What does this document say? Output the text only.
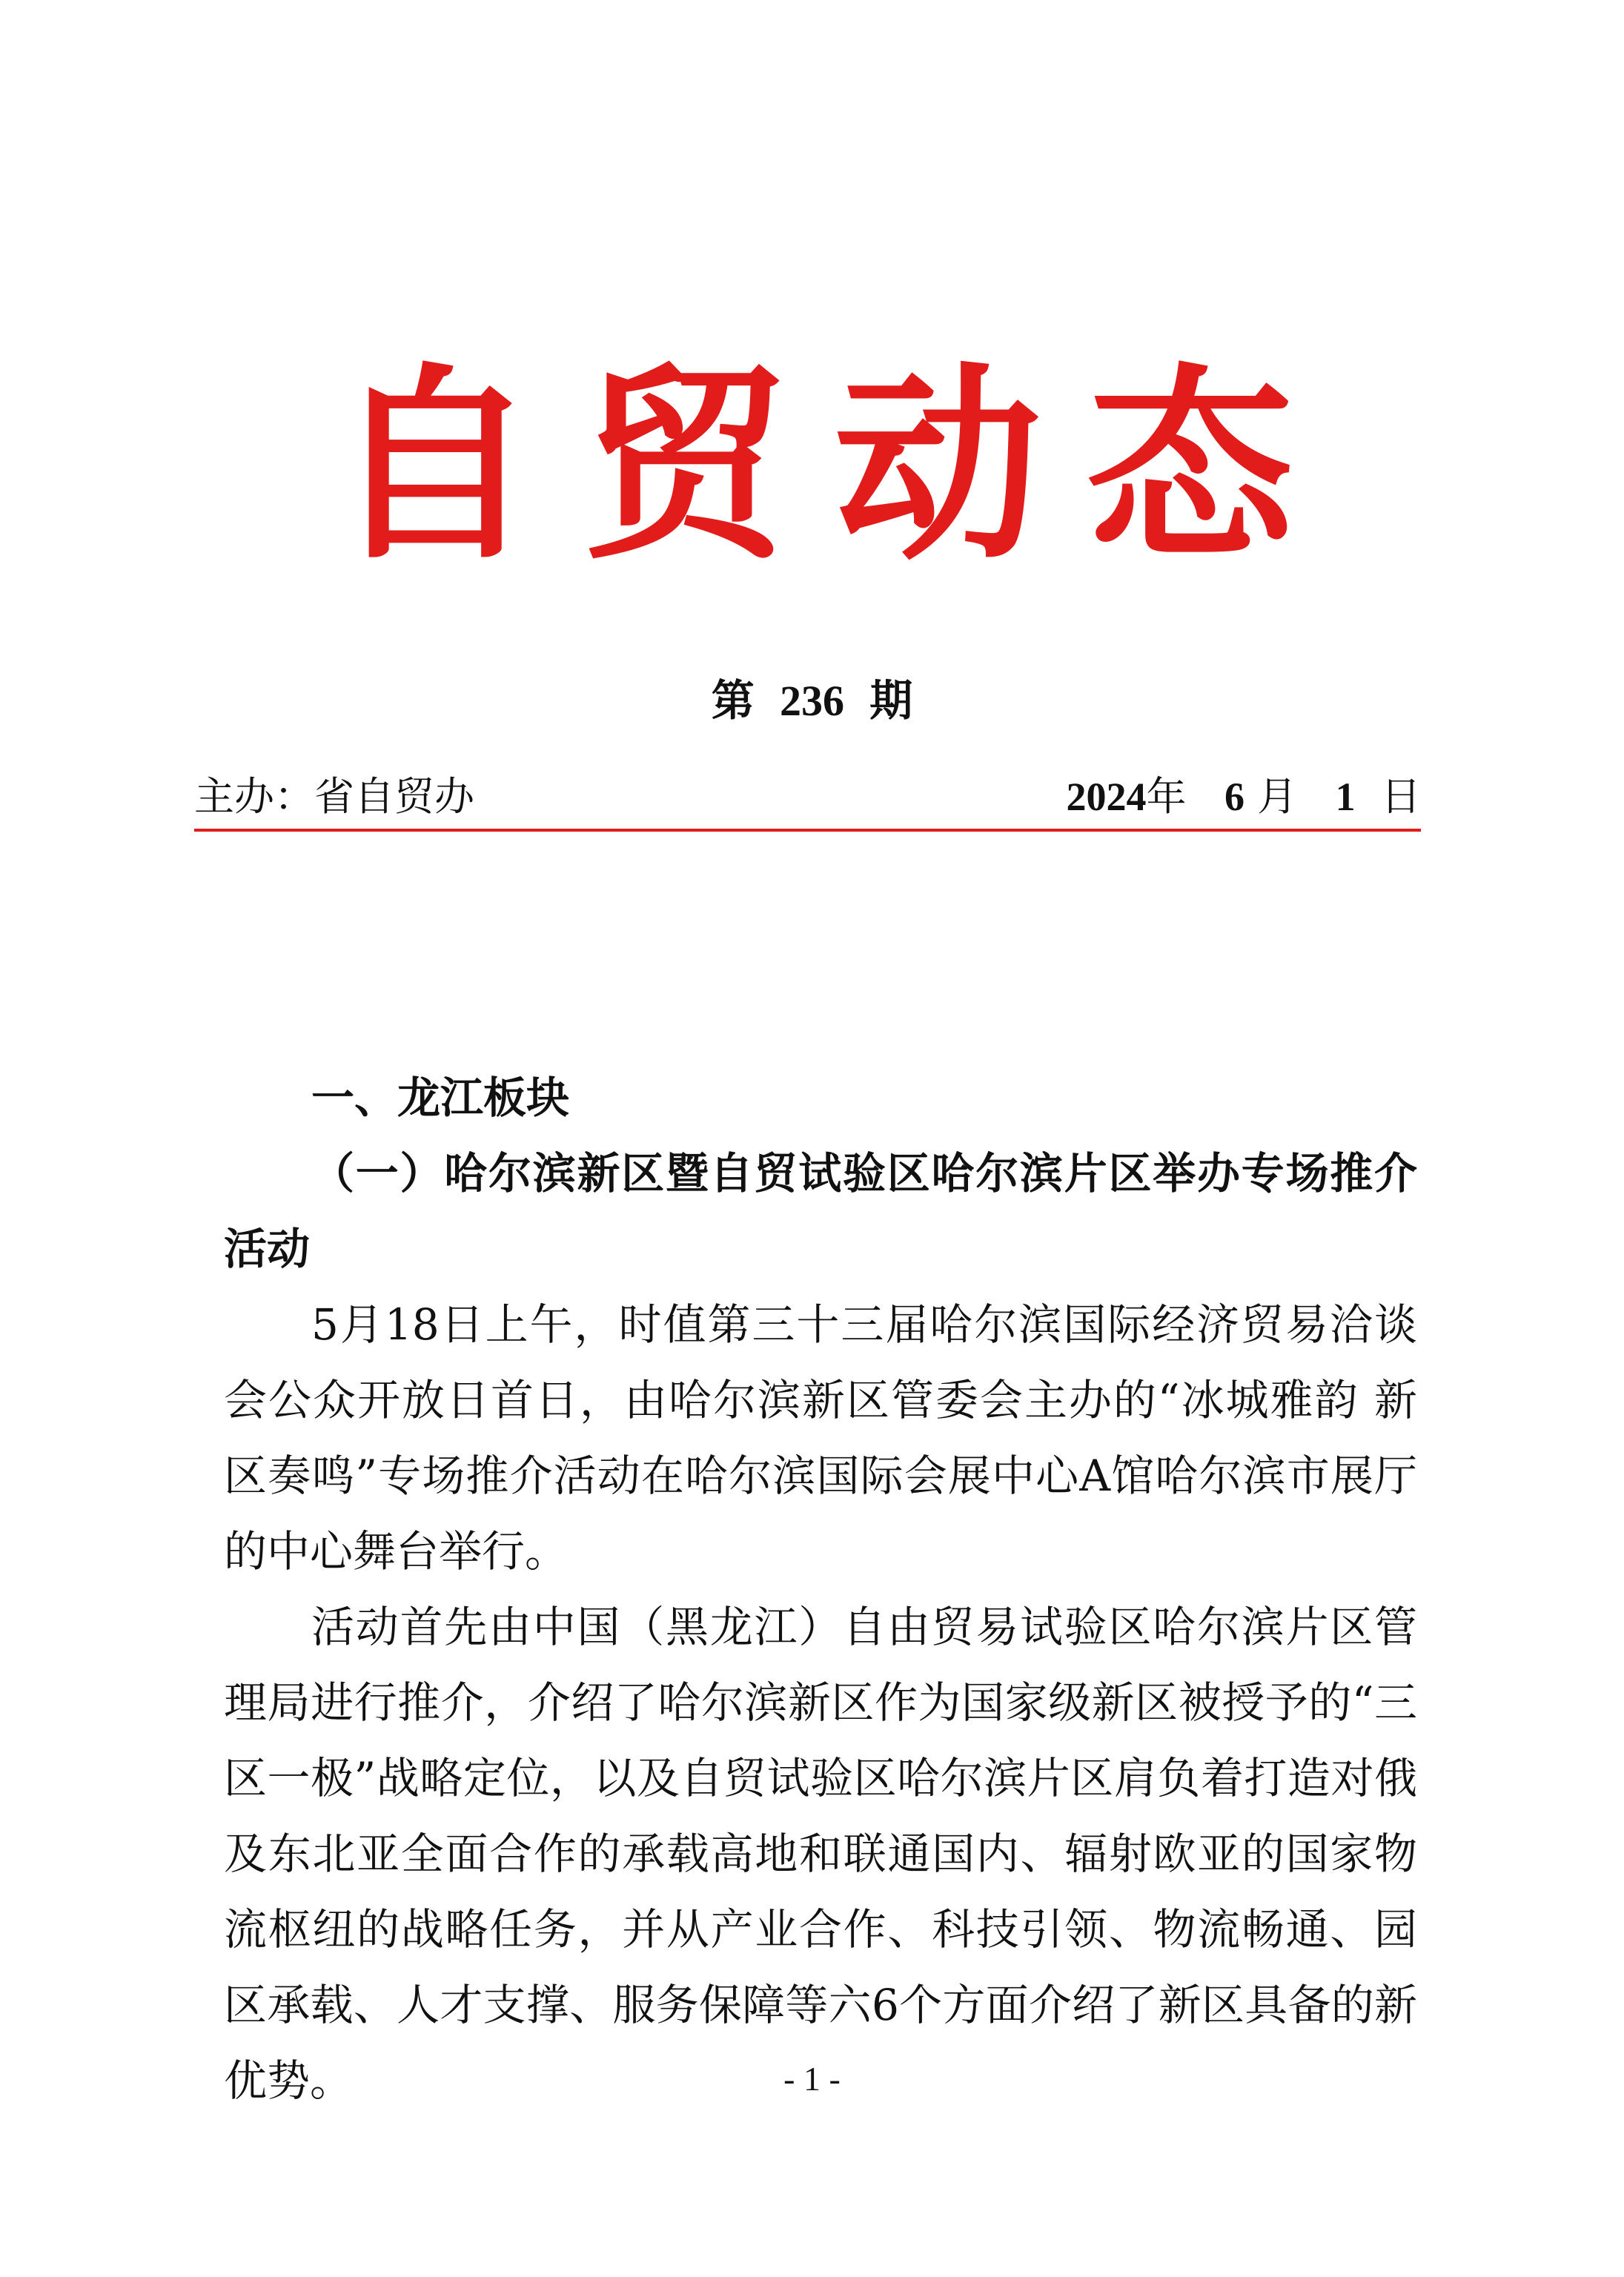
自贸动态
第 236 期
主办：省自贸办	2024年 6 月 1 日

一、龙江板块

（一）哈尔滨新区暨自贸试验区哈尔滨片区举办专场推介活动

5月18日上午，时值第三十三届哈尔滨国际经济贸易洽谈会公众开放日首日，由哈尔滨新区管委会主办的“冰城雅韵 新区奏鸣”专场推介活动在哈尔滨国际会展中心A馆哈尔滨市展厅的中心舞台举行。

活动首先由中国（黑龙江）自由贸易试验区哈尔滨片区管理局进行推介，介绍了哈尔滨新区作为国家级新区被授予的“三区一极”战略定位，以及自贸试验区哈尔滨片区肩负着打造对俄及东北亚全面合作的承载高地和联通国内、辐射欧亚的国家物流枢纽的战略任务，并从产业合作、科技引领、物流畅通、园区承载、人才支撑、服务保障等六6个方面介绍了新区具备的新优势。	- 1 -
